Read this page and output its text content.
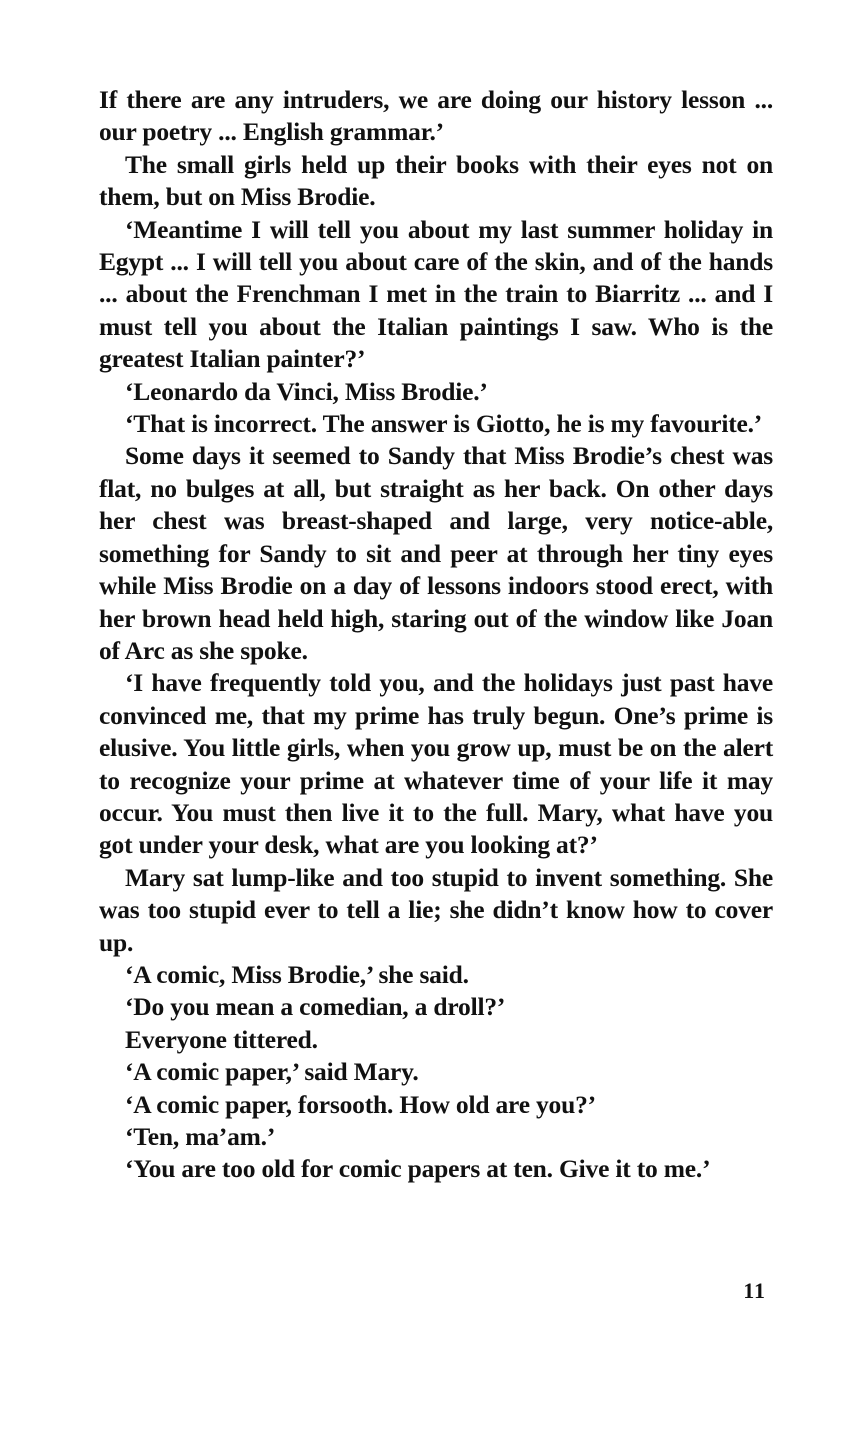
If there are any intruders, we are doing our history lesson ... our poetry ... English grammar.’

The small girls held up their books with their eyes not on them, but on Miss Brodie.

‘Meantime I will tell you about my last summer holiday in Egypt ... I will tell you about care of the skin, and of the hands ... about the Frenchman I met in the train to Biarritz ... and I must tell you about the Italian paintings I saw. Who is the greatest Italian painter?’

‘Leonardo da Vinci, Miss Brodie.’

‘That is incorrect. The answer is Giotto, he is my favourite.’

Some days it seemed to Sandy that Miss Brodie’s chest was flat, no bulges at all, but straight as her back. On other days her chest was breast-shaped and large, very notice-able, something for Sandy to sit and peer at through her tiny eyes while Miss Brodie on a day of lessons indoors stood erect, with her brown head held high, staring out of the window like Joan of Arc as she spoke.

‘I have frequently told you, and the holidays just past have convinced me, that my prime has truly begun. One’s prime is elusive. You little girls, when you grow up, must be on the alert to recognize your prime at whatever time of your life it may occur. You must then live it to the full. Mary, what have you got under your desk, what are you looking at?’

Mary sat lump-like and too stupid to invent something. She was too stupid ever to tell a lie; she didn’t know how to cover up.

‘A comic, Miss Brodie,’ she said.

‘Do you mean a comedian, a droll?’

Everyone tittered.

‘A comic paper,’ said Mary.

‘A comic paper, forsooth. How old are you?’

‘Ten, ma’am.’

‘You are too old for comic papers at ten. Give it to me.’

11
